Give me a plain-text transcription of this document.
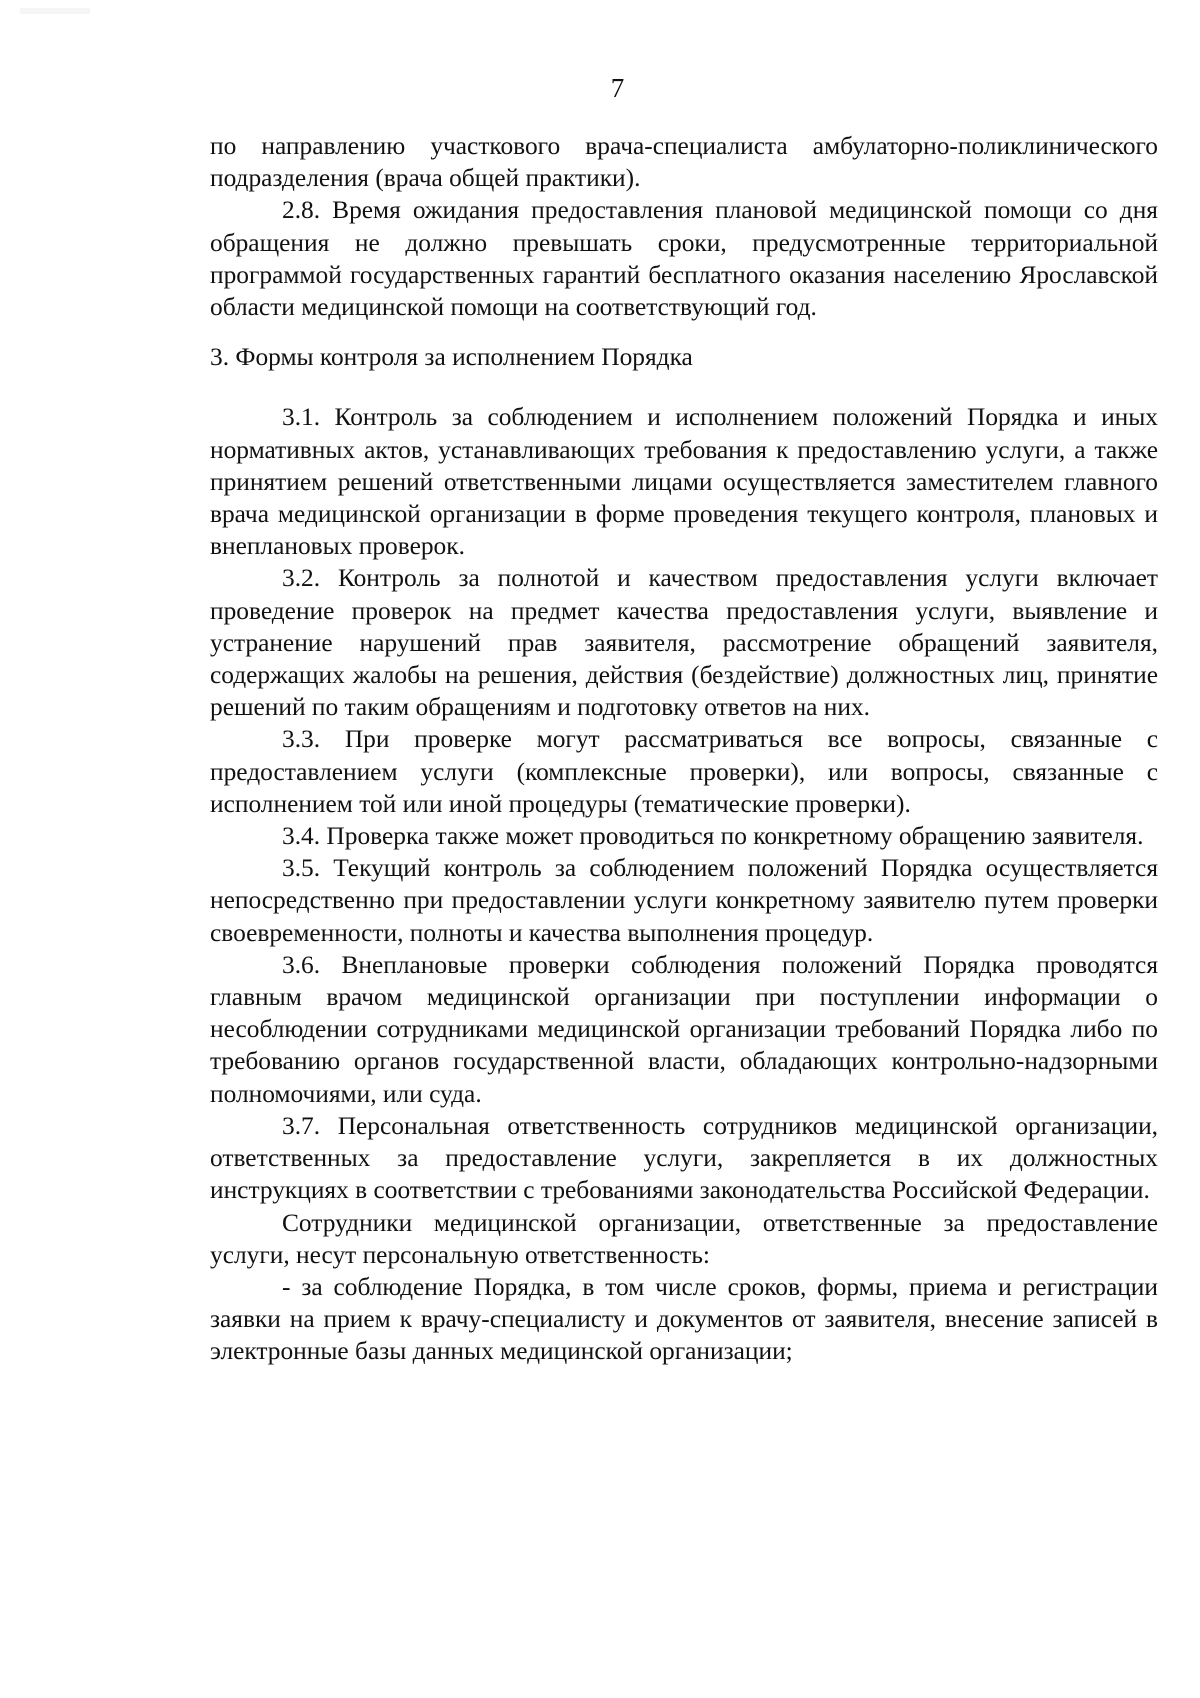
7

по направлению участкового врача-специалиста амбулаторно-поликлинического подразделения (врача общей практики).

2.8. Время ожидания предоставления плановой медицинской помощи со дня обращения не должно превышать сроки, предусмотренные территориальной программой государственных гарантий бесплатного оказания населению Ярославской области медицинской помощи на соответствующий год.

3. Формы контроля за исполнением Порядка

3.1. Контроль за соблюдением и исполнением положений Порядка и иных нормативных актов, устанавливающих требования к предоставлению услуги, а также принятием решений ответственными лицами осуществляется заместителем главного врача медицинской организации в форме проведения текущего контроля, плановых и внеплановых проверок.

3.2. Контроль за полнотой и качеством предоставления услуги включает проведение проверок на предмет качества предоставления услуги, выявление и устранение нарушений прав заявителя, рассмотрение обращений заявителя, содержащих жалобы на решения, действия (бездействие) должностных лиц, принятие решений по таким обращениям и подготовку ответов на них.

3.3. При проверке могут рассматриваться все вопросы, связанные с предоставлением услуги (комплексные проверки), или вопросы, связанные с исполнением той или иной процедуры (тематические проверки).

3.4. Проверка также может проводиться по конкретному обращению заявителя.

3.5. Текущий контроль за соблюдением положений Порядка осуществляется непосредственно при предоставлении услуги конкретному заявителю путем проверки своевременности, полноты и качества выполнения процедур.

3.6. Внеплановые проверки соблюдения положений Порядка проводятся главным врачом медицинской организации при поступлении информации о несоблюдении сотрудниками медицинской организации требований Порядка либо по требованию органов государственной власти, обладающих контрольно-надзорными полномочиями, или суда.

3.7. Персональная ответственность сотрудников медицинской организации, ответственных за предоставление услуги, закрепляется в их должностных инструкциях в соответствии с требованиями законодательства Российской Федерации.

Сотрудники медицинской организации, ответственные за предоставление услуги, несут персональную ответственность:

- за соблюдение Порядка, в том числе сроков, формы, приема и регистрации заявки на прием к врачу-специалисту и документов от заявителя, внесение записей в электронные базы данных медицинской организации;
